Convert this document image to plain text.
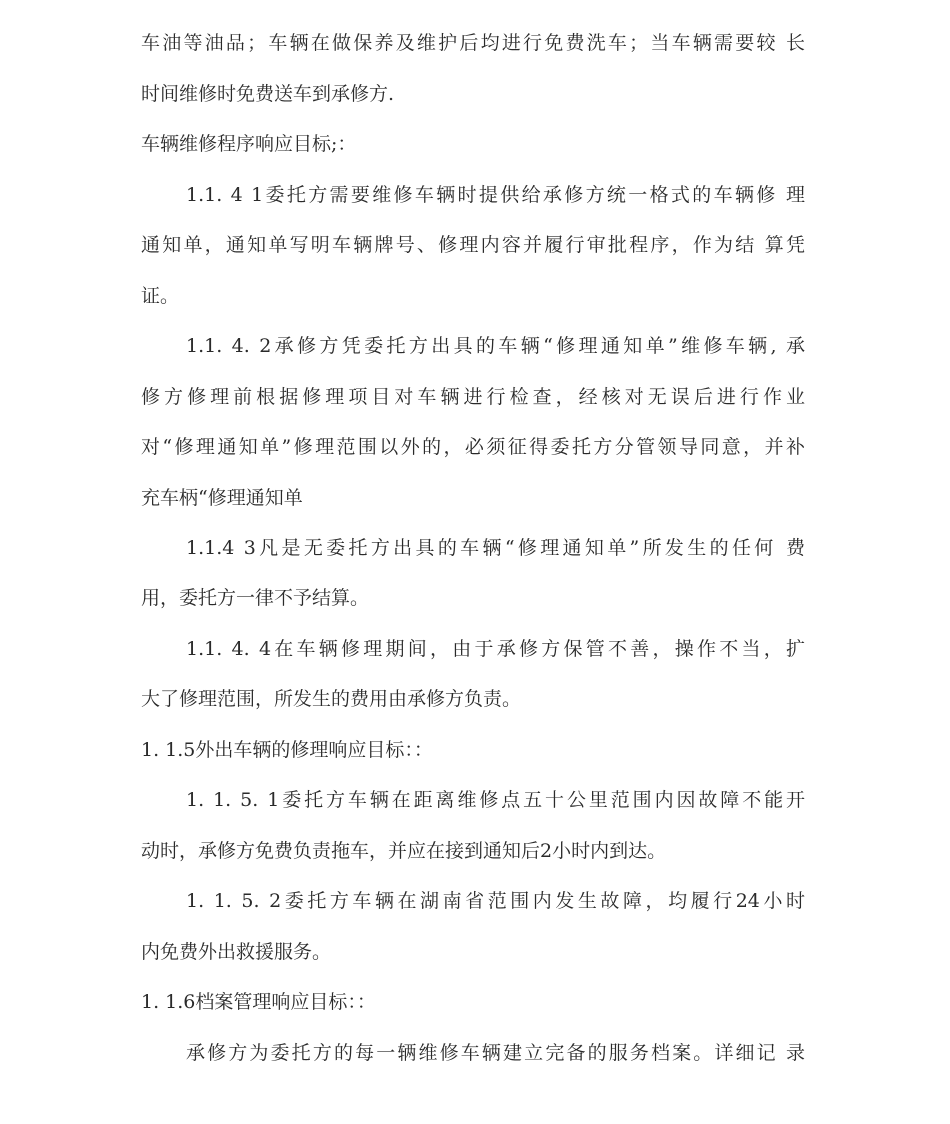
车油等油品；车辆在做保养及维护后均进行免费洗车；当车辆需要较 长
时间维修时免费送车到承修方.
车辆维修程序响应目标;：
1.1. 4 1委托方需要维修车辆时提供给承修方统一格式的车辆修 理
通知单，通知单写明车辆牌号、修理内容并履行审批程序，作为结 算凭
证。
1.1. 4. 2承修方凭委托方出具的车辆“修理通知单”维修车辆, 承
修方修理前根据修理项目对车辆进行检查，经核对无误后进行作业
对“修理通知单”修理范围以外的，必须征得委托方分管领导同意，并补
充车柄“修理通知单
1.1.4 3凡是无委托方出具的车辆“修理通知单”所发生的任何 费
用，委托方一律不予结算。
1.1. 4. 4在车辆修理期间，由于承修方保管不善，操作不当，扩
大了修理范围，所发生的费用由承修方负责。
1. 1.5外出车辆的修理响应目标：：
1. 1. 5. 1委托方车辆在距离维修点五十公里范围内因故障不能开
动时，承修方免费负责拖车，并应在接到通知后2小时内到达。
1. 1. 5. 2委托方车辆在湖南省范围内发生故障，均履行24小时
内免费外出救援服务。
1. 1.6档案管理响应目标：：
承修方为委托方的每一辆维修车辆建立完备的服务档案。详细记 录
